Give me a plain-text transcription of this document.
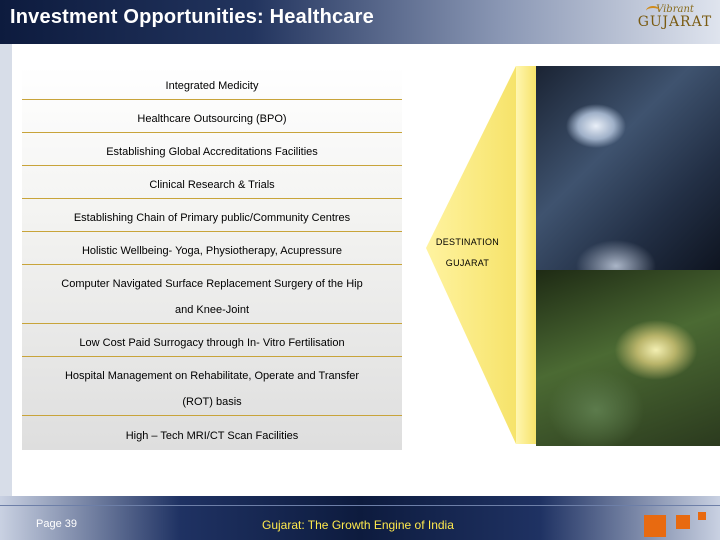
Investment Opportunities: Healthcare	Vibrant
GUJARAT
Integrated Medicity
Healthcare Outsourcing (BPO)
Establishing Global Accreditations Facilities
Clinical Research & Trials
Establishing Chain of Primary public/Community Centres
Holistic Wellbeing- Yoga, Physiotherapy, Acupressure
Computer Navigated Surface Replacement Surgery of the Hip
and Knee-Joint
Low Cost Paid Surrogacy through In- Vitro Fertilisation
Hospital Management on Rehabilitate, Operate and Transfer
(ROT) basis
High – Tech MRI/CT Scan Facilities
DESTINATION
GUJARAT
Page 39	Gujarat: The Growth Engine of India
